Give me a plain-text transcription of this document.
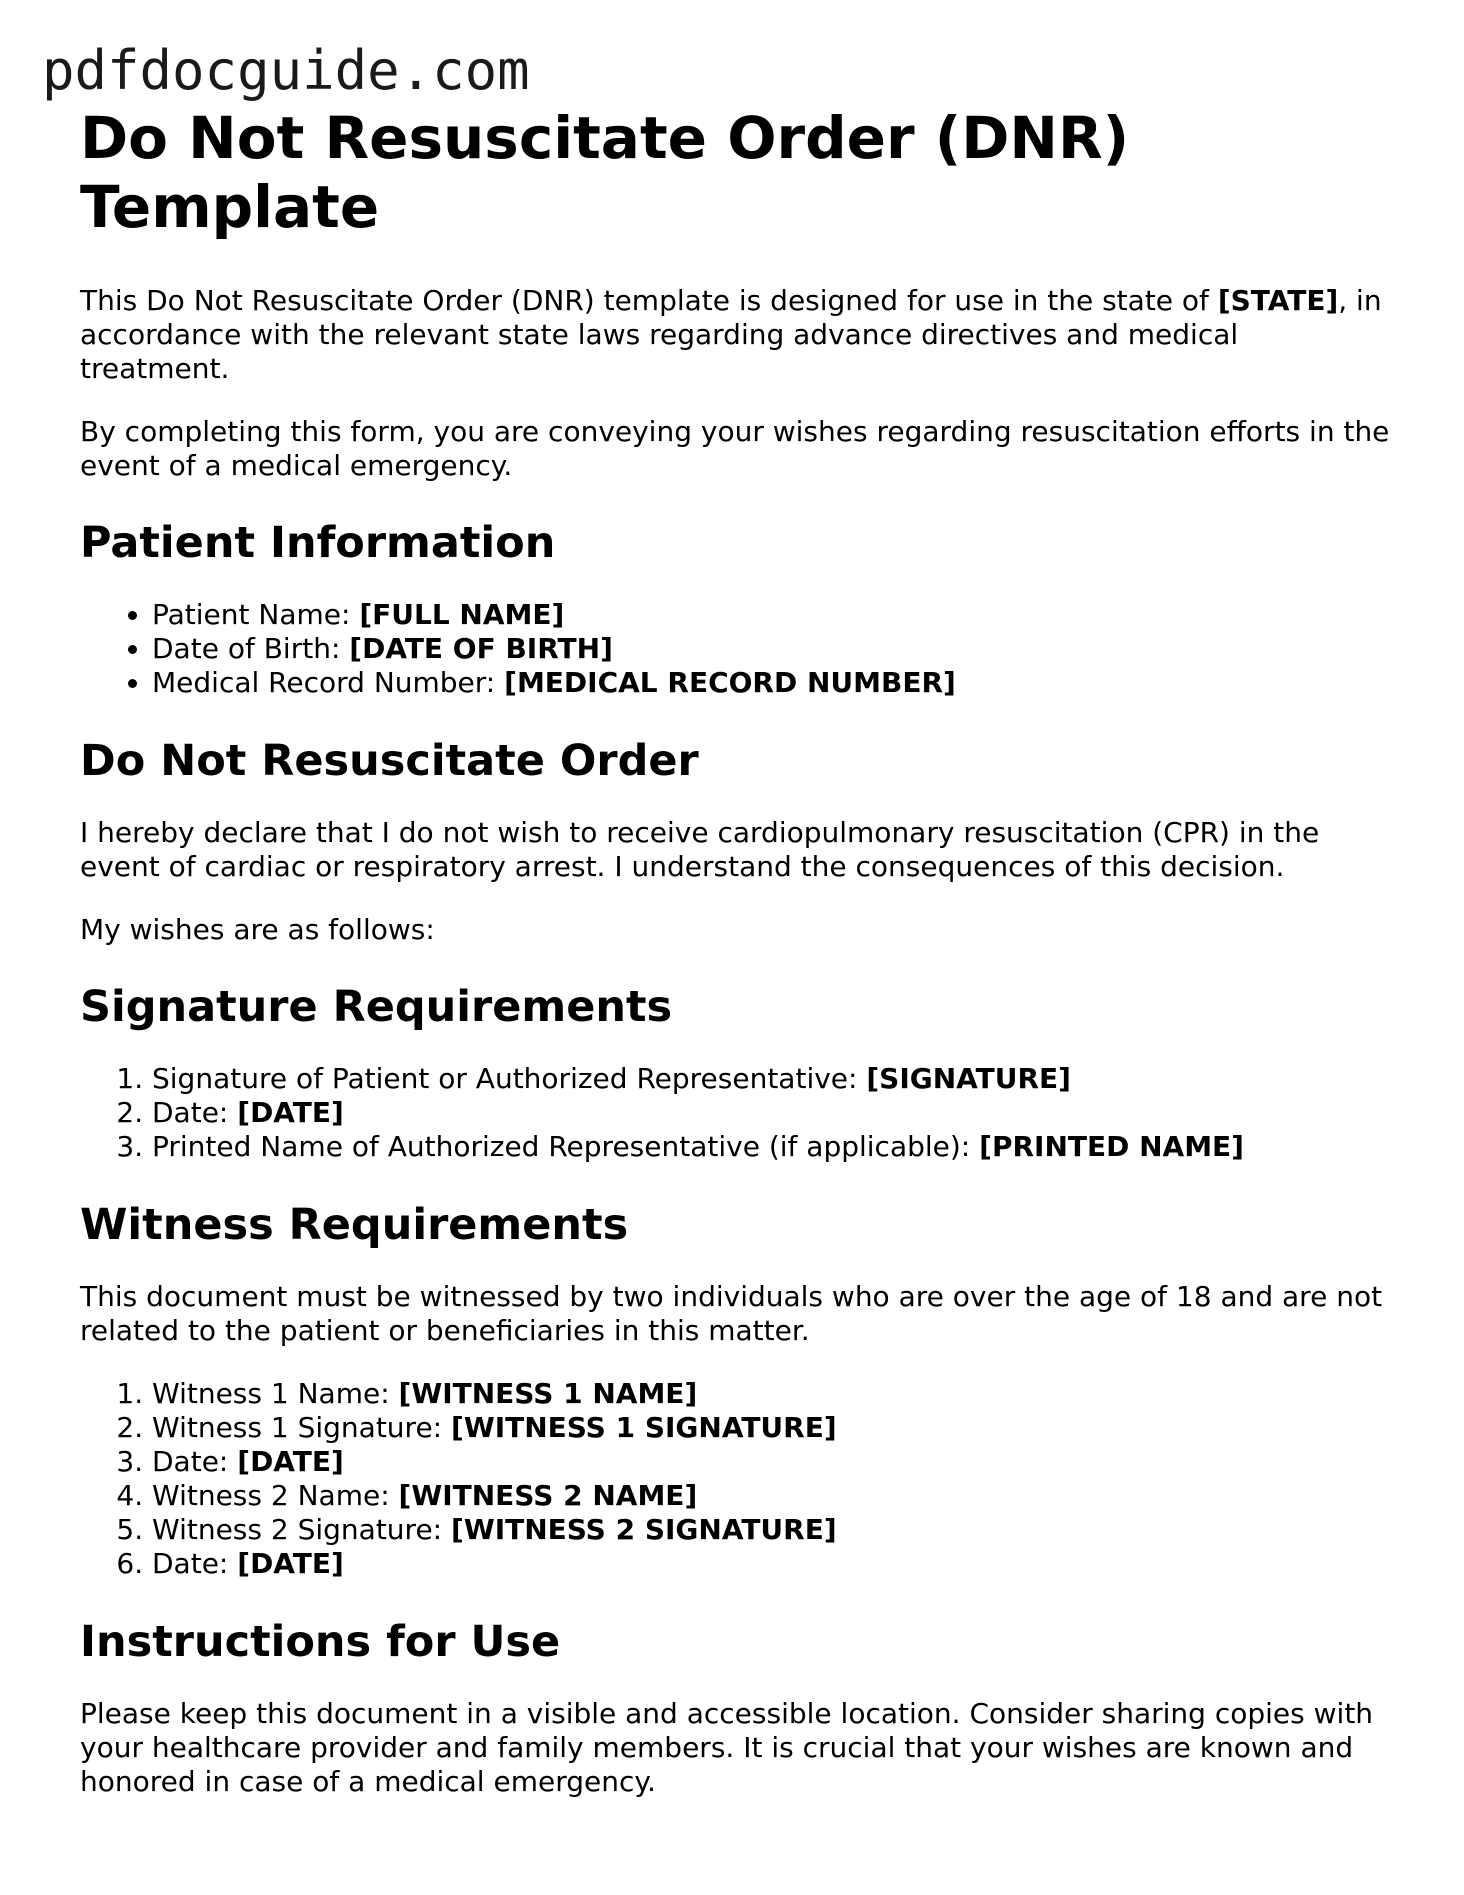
pdfdocguide.com
Do Not Resuscitate Order (DNR) Template

This Do Not Resuscitate Order (DNR) template is designed for use in the state of [STATE], in accordance with the relevant state laws regarding advance directives and medical treatment.

By completing this form, you are conveying your wishes regarding resuscitation efforts in the event of a medical emergency.

Patient Information
• Patient Name: [FULL NAME]
• Date of Birth: [DATE OF BIRTH]
• Medical Record Number: [MEDICAL RECORD NUMBER]
Do Not Resuscitate Order

I hereby declare that I do not wish to receive cardiopulmonary resuscitation (CPR) in the event of cardiac or respiratory arrest. I understand the consequences of this decision.

My wishes are as follows:

Signature Requirements
1. Signature of Patient or Authorized Representative: [SIGNATURE]
2. Date: [DATE]
3. Printed Name of Authorized Representative (if applicable): [PRINTED NAME]
Witness Requirements

This document must be witnessed by two individuals who are over the age of 18 and are not related to the patient or beneficiaries in this matter.

1. Witness 1 Name: [WITNESS 1 NAME]
2. Witness 1 Signature: [WITNESS 1 SIGNATURE]
3. Date: [DATE]
4. Witness 2 Name: [WITNESS 2 NAME]
5. Witness 2 Signature: [WITNESS 2 SIGNATURE]
6. Date: [DATE]
Instructions for Use

Please keep this document in a visible and accessible location. Consider sharing copies with your healthcare provider and family members. It is crucial that your wishes are known and honored in case of a medical emergency.
